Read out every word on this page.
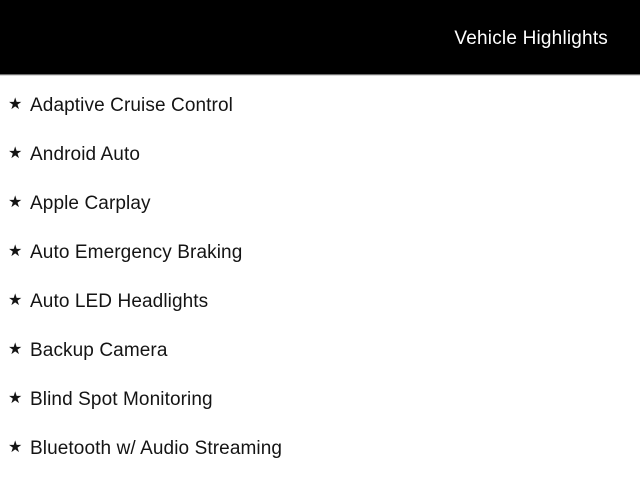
Vehicle Highlights
★ Adaptive Cruise Control
★ Android Auto
★ Apple Carplay
★ Auto Emergency Braking
★ Auto LED Headlights
★ Backup Camera
★ Blind Spot Monitoring
★ Bluetooth w/ Audio Streaming
